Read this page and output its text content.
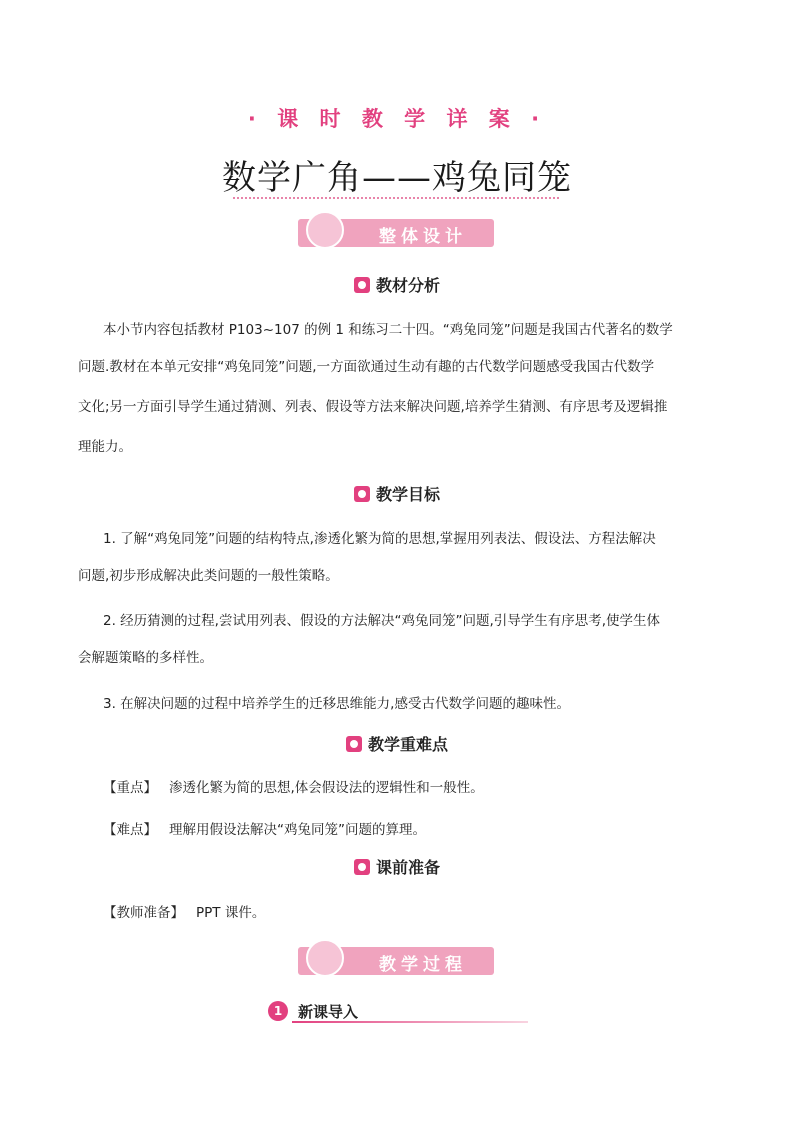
· 课 时 教 学 详 案 ·
数学广角——鸡兔同笼
整体设计
教材分析
本小节内容包括教材 P103~107 的例 1 和练习二十四。“鸡兔同笼”问题是我国古代著名的数学
问题.教材在本单元安排“鸡兔同笼”问题,一方面欲通过生动有趣的古代数学问题感受我国古代数学
文化;另一方面引导学生通过猜测、列表、假设等方法来解决问题,培养学生猜测、有序思考及逻辑推
理能力。
教学目标
1. 了解“鸡兔同笼”问题的结构特点,渗透化繁为简的思想,掌握用列表法、假设法、方程法解决
问题,初步形成解决此类问题的一般性策略。
2. 经历猜测的过程,尝试用列表、假设的方法解决“鸡兔同笼”问题,引导学生有序思考,使学生体
会解题策略的多样性。
3. 在解决问题的过程中培养学生的迁移思维能力,感受古代数学问题的趣味性。
教学重难点
【重点】 渗透化繁为简的思想,体会假设法的逻辑性和一般性。
【难点】 理解用假设法解决“鸡兔同笼”问题的算理。
课前准备
【教师准备】 PPT 课件。
教学过程
1	新课导入
